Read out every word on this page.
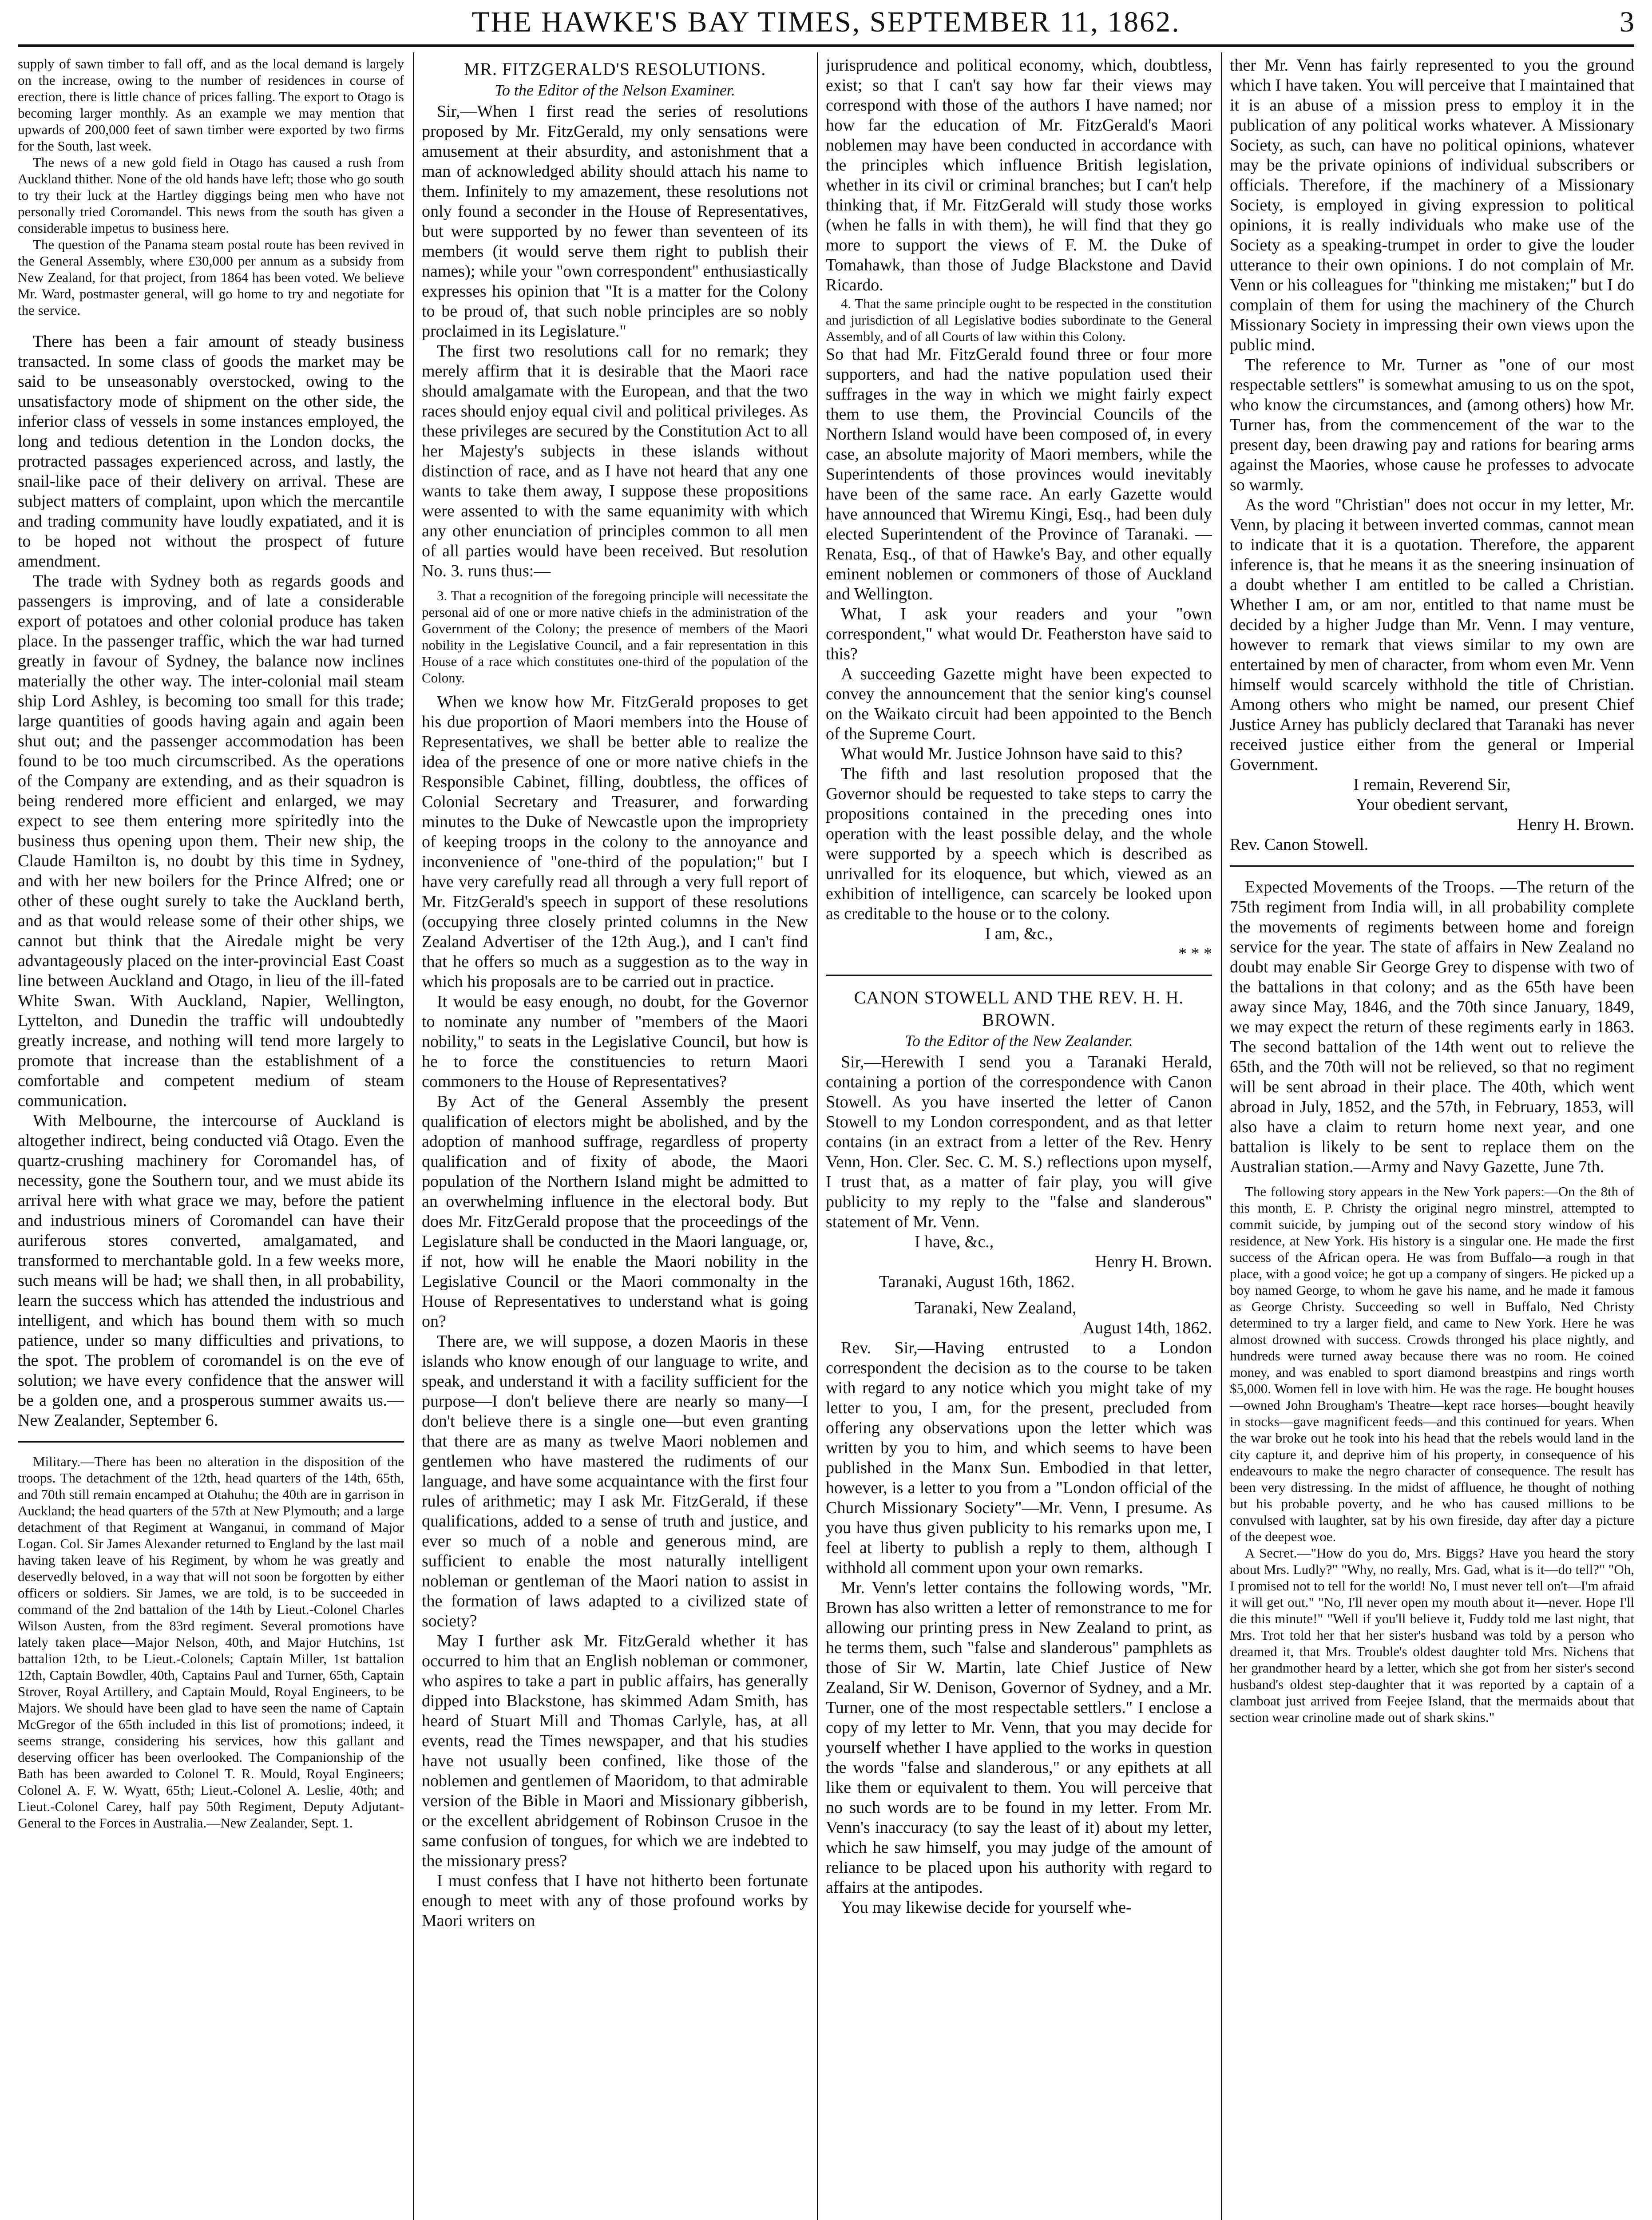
THE HAWKE'S BAY TIMES, SEPTEMBER 11, 1862.	3

supply of sawn timber to fall off, and as the local demand is largely on the increase, owing to the number of residences in course of erection, there is little chance of prices falling. The export to Otago is becoming larger monthly. As an example we may mention that upwards of 200,000 feet of sawn timber were exported by two firms for the South, last week.

The news of a new gold field in Otago has caused a rush from Auckland thither. None of the old hands have left; those who go south to try their luck at the Hartley diggings being men who have not personally tried Coromandel. This news from the south has given a considerable impetus to business here.

The question of the Panama steam postal route has been revived in the General Assembly, where £30,000 per annum as a subsidy from New Zealand, for that project, from 1864 has been voted. We believe Mr. Ward, postmaster general, will go home to try and negotiate for the service.

There has been a fair amount of steady business transacted. In some class of goods the market may be said to be unseasonably overstocked, owing to the unsatisfactory mode of shipment on the other side, the inferior class of vessels in some instances employed, the long and tedious detention in the London docks, the protracted passages experienced across, and lastly, the snail-like pace of their delivery on arrival. These are subject matters of complaint, upon which the mercantile and trading community have loudly expatiated, and it is to be hoped not without the prospect of future amendment.

The trade with Sydney both as regards goods and passengers is improving, and of late a considerable export of potatoes and other colonial produce has taken place. In the passenger traffic, which the war had turned greatly in favour of Sydney, the balance now inclines materially the other way. The inter-colonial mail steam ship Lord Ashley, is becoming too small for this trade; large quantities of goods having again and again been shut out; and the passenger accommodation has been found to be too much circumscribed. As the operations of the Company are extending, and as their squadron is being rendered more efficient and enlarged, we may expect to see them entering more spiritedly into the business thus opening upon them. Their new ship, the Claude Hamilton is, no doubt by this time in Sydney, and with her new boilers for the Prince Alfred; one or other of these ought surely to take the Auckland berth, and as that would release some of their other ships, we cannot but think that the Airedale might be very advantageously placed on the inter-provincial East Coast line between Auckland and Otago, in lieu of the ill-fated White Swan. With Auckland, Napier, Wellington, Lyttelton, and Dunedin the traffic will undoubtedly greatly increase, and nothing will tend more largely to promote that increase than the establishment of a comfortable and competent medium of steam communication.

With Melbourne, the intercourse of Auckland is altogether indirect, being conducted viâ Otago. Even the quartz-crushing machinery for Coromandel has, of necessity, gone the Southern tour, and we must abide its arrival here with what grace we may, before the patient and industrious miners of Coromandel can have their auriferous stores converted, amalgamated, and transformed to merchantable gold. In a few weeks more, such means will be had; we shall then, in all probability, learn the success which has attended the industrious and intelligent, and which has bound them with so much patience, under so many difficulties and privations, to the spot. The problem of coromandel is on the eve of solution; we have every confidence that the answer will be a golden one, and a prosperous summer awaits us.—New Zealander, September 6.

Military.—There has been no alteration in the disposition of the troops. The detachment of the 12th, head quarters of the 14th, 65th, and 70th still remain encamped at Otahuhu; the 40th are in garrison in Auckland; the head quarters of the 57th at New Plymouth; and a large detachment of that Regiment at Wanganui, in command of Major Logan. Col. Sir James Alexander returned to England by the last mail having taken leave of his Regiment, by whom he was greatly and deservedly beloved, in a way that will not soon be forgotten by either officers or soldiers. Sir James, we are told, is to be succeeded in command of the 2nd battalion of the 14th by Lieut.-Colonel Charles Wilson Austen, from the 83rd regiment. Several promotions have lately taken place—Major Nelson, 40th, and Major Hutchins, 1st battalion 12th, to be Lieut.-Colonels; Captain Miller, 1st battalion 12th, Captain Bowdler, 40th, Captains Paul and Turner, 65th, Captain Strover, Royal Artillery, and Captain Mould, Royal Engineers, to be Majors. We should have been glad to have seen the name of Captain McGregor of the 65th included in this list of promotions; indeed, it seems strange, considering his services, how this gallant and deserving officer has been overlooked. The Companionship of the Bath has been awarded to Colonel T. R. Mould, Royal Engineers; Colonel A. F. W. Wyatt, 65th; Lieut.-Colonel A. Leslie, 40th; and Lieut.-Colonel Carey, half pay 50th Regiment, Deputy Adjutant-General to the Forces in Australia.—New Zealander, Sept. 1.

MR. FITZGERALD'S RESOLUTIONS.
To the Editor of the Nelson Examiner.

Sir,—When I first read the series of resolutions proposed by Mr. FitzGerald, my only sensations were amusement at their absurdity, and astonishment that a man of acknowledged ability should attach his name to them. Infinitely to my amazement, these resolutions not only found a seconder in the House of Representatives, but were supported by no fewer than seventeen of its members (it would serve them right to publish their names); while your "own correspondent" enthusiastically expresses his opinion that "It is a matter for the Colony to be proud of, that such noble principles are so nobly proclaimed in its Legislature."

The first two resolutions call for no remark; they merely affirm that it is desirable that the Maori race should amalgamate with the European, and that the two races should enjoy equal civil and political privileges. As these privileges are secured by the Constitution Act to all her Majesty's subjects in these islands without distinction of race, and as I have not heard that any one wants to take them away, I suppose these propositions were assented to with the same equanimity with which any other enunciation of principles common to all men of all parties would have been received. But resolution No. 3. runs thus:—

3. That a recognition of the foregoing principle will necessitate the personal aid of one or more native chiefs in the administration of the Government of the Colony; the presence of members of the Maori nobility in the Legislative Council, and a fair representation in this House of a race which constitutes one-third of the population of the Colony.

When we know how Mr. FitzGerald proposes to get his due proportion of Maori members into the House of Representatives, we shall be better able to realize the idea of the presence of one or more native chiefs in the Responsible Cabinet, filling, doubtless, the offices of Colonial Secretary and Treasurer, and forwarding minutes to the Duke of Newcastle upon the impropriety of keeping troops in the colony to the annoyance and inconvenience of "one-third of the population;" but I have very carefully read all through a very full report of Mr. FitzGerald's speech in support of these resolutions (occupying three closely printed columns in the New Zealand Advertiser of the 12th Aug.), and I can't find that he offers so much as a suggestion as to the way in which his proposals are to be carried out in practice.

It would be easy enough, no doubt, for the Governor to nominate any number of "members of the Maori nobility," to seats in the Legislative Council, but how is he to force the constituencies to return Maori commoners to the House of Representatives?

By Act of the General Assembly the present qualification of electors might be abolished, and by the adoption of manhood suffrage, regardless of property qualification and of fixity of abode, the Maori population of the Northern Island might be admitted to an overwhelming influence in the electoral body. But does Mr. FitzGerald propose that the proceedings of the Legislature shall be conducted in the Maori language, or, if not, how will he enable the Maori nobility in the Legislative Council or the Maori commonalty in the House of Representatives to understand what is going on?

There are, we will suppose, a dozen Maoris in these islands who know enough of our language to write, and speak, and understand it with a facility sufficient for the purpose—I don't believe there are nearly so many—I don't believe there is a single one—but even granting that there are as many as twelve Maori noblemen and gentlemen who have mastered the rudiments of our language, and have some acquaintance with the first four rules of arithmetic; may I ask Mr. FitzGerald, if these qualifications, added to a sense of truth and justice, and ever so much of a noble and generous mind, are sufficient to enable the most naturally intelligent nobleman or gentleman of the Maori nation to assist in the formation of laws adapted to a civilized state of society?

May I further ask Mr. FitzGerald whether it has occurred to him that an English nobleman or commoner, who aspires to take a part in public affairs, has generally dipped into Blackstone, has skimmed Adam Smith, has heard of Stuart Mill and Thomas Carlyle, has, at all events, read the Times newspaper, and that his studies have not usually been confined, like those of the noblemen and gentlemen of Maoridom, to that admirable version of the Bible in Maori and Missionary gibberish, or the excellent abridgement of Robinson Crusoe in the same confusion of tongues, for which we are indebted to the missionary press?

I must confess that I have not hitherto been fortunate enough to meet with any of those profound works by Maori writers on

jurisprudence and political economy, which, doubtless, exist; so that I can't say how far their views may correspond with those of the authors I have named; nor how far the education of Mr. FitzGerald's Maori noblemen may have been conducted in accordance with the principles which influence British legislation, whether in its civil or criminal branches; but I can't help thinking that, if Mr. FitzGerald will study those works (when he falls in with them), he will find that they go more to support the views of F. M. the Duke of Tomahawk, than those of Judge Blackstone and David Ricardo.

4. That the same principle ought to be respected in the constitution and jurisdiction of all Legislative bodies subordinate to the General Assembly, and of all Courts of law within this Colony.

So that had Mr. FitzGerald found three or four more supporters, and had the native population used their suffrages in the way in which we might fairly expect them to use them, the Provincial Councils of the Northern Island would have been composed of, in every case, an absolute majority of Maori members, while the Superintendents of those provinces would inevitably have been of the same race. An early Gazette would have announced that Wiremu Kingi, Esq., had been duly elected Superintendent of the Province of Taranaki. —Renata, Esq., of that of Hawke's Bay, and other equally eminent noblemen or commoners of those of Auckland and Wellington.

What, I ask your readers and your "own correspondent," what would Dr. Featherston have said to this?

A succeeding Gazette might have been expected to convey the announcement that the senior king's counsel on the Waikato circuit had been appointed to the Bench of the Supreme Court.

What would Mr. Justice Johnson have said to this?

The fifth and last resolution proposed that the Governor should be requested to take steps to carry the propositions contained in the preceding ones into operation with the least possible delay, and the whole were supported by a speech which is described as unrivalled for its eloquence, but which, viewed as an exhibition of intelligence, can scarcely be looked upon as creditable to the house or to the colony.

I am, &c.,

* * *

CANON STOWELL AND THE REV. H. H. BROWN.
To the Editor of the New Zealander.

Sir,—Herewith I send you a Taranaki Herald, containing a portion of the correspondence with Canon Stowell. As you have inserted the letter of Canon Stowell to my London correspondent, and as that letter contains (in an extract from a letter of the Rev. Henry Venn, Hon. Cler. Sec. C. M. S.) reflections upon myself, I trust that, as a matter of fair play, you will give publicity to my reply to the "false and slanderous" statement of Mr. Venn.

I have, &c.,

Henry H. Brown.

Taranaki, August 16th, 1862.

Taranaki, New Zealand,

August 14th, 1862.

Rev. Sir,—Having entrusted to a London correspondent the decision as to the course to be taken with regard to any notice which you might take of my letter to you, I am, for the present, precluded from offering any observations upon the letter which was written by you to him, and which seems to have been published in the Manx Sun. Embodied in that letter, however, is a letter to you from a "London official of the Church Missionary Society"—Mr. Venn, I presume. As you have thus given publicity to his remarks upon me, I feel at liberty to publish a reply to them, although I withhold all comment upon your own remarks.

Mr. Venn's letter contains the following words, "Mr. Brown has also written a letter of remonstrance to me for allowing our printing press in New Zealand to print, as he terms them, such "false and slanderous" pamphlets as those of Sir W. Martin, late Chief Justice of New Zealand, Sir W. Denison, Governor of Sydney, and a Mr. Turner, one of the most respectable settlers." I enclose a copy of my letter to Mr. Venn, that you may decide for yourself whether I have applied to the works in question the words "false and slanderous," or any epithets at all like them or equivalent to them. You will perceive that no such words are to be found in my letter. From Mr. Venn's inaccuracy (to say the least of it) about my letter, which he saw himself, you may judge of the amount of reliance to be placed upon his authority with regard to affairs at the antipodes.

You may likewise decide for yourself whe-

ther Mr. Venn has fairly represented to you the ground which I have taken. You will perceive that I maintained that it is an abuse of a mission press to employ it in the publication of any political works whatever. A Missionary Society, as such, can have no political opinions, whatever may be the private opinions of individual subscribers or officials. Therefore, if the machinery of a Missionary Society, is employed in giving expression to political opinions, it is really individuals who make use of the Society as a speaking-trumpet in order to give the louder utterance to their own opinions. I do not complain of Mr. Venn or his colleagues for "thinking me mistaken;" but I do complain of them for using the machinery of the Church Missionary Society in impressing their own views upon the public mind.

The reference to Mr. Turner as "one of our most respectable settlers" is somewhat amusing to us on the spot, who know the circumstances, and (among others) how Mr. Turner has, from the commencement of the war to the present day, been drawing pay and rations for bearing arms against the Maories, whose cause he professes to advocate so warmly.

As the word "Christian" does not occur in my letter, Mr. Venn, by placing it between inverted commas, cannot mean to indicate that it is a quotation. Therefore, the apparent inference is, that he means it as the sneering insinuation of a doubt whether I am entitled to be called a Christian. Whether I am, or am nor, entitled to that name must be decided by a higher Judge than Mr. Venn. I may venture, however to remark that views similar to my own are entertained by men of character, from whom even Mr. Venn himself would scarcely withhold the title of Christian. Among others who might be named, our present Chief Justice Arney has publicly declared that Taranaki has never received justice either from the general or Imperial Government.

I remain, Reverend Sir,

Your obedient servant,

Henry H. Brown.

Rev. Canon Stowell.

Expected Movements of the Troops. —The return of the 75th regiment from India will, in all probability complete the movements of regiments between home and foreign service for the year. The state of affairs in New Zealand no doubt may enable Sir George Grey to dispense with two of the battalions in that colony; and as the 65th have been away since May, 1846, and the 70th since January, 1849, we may expect the return of these regiments early in 1863. The second battalion of the 14th went out to relieve the 65th, and the 70th will not be relieved, so that no regiment will be sent abroad in their place. The 40th, which went abroad in July, 1852, and the 57th, in February, 1853, will also have a claim to return home next year, and one battalion is likely to be sent to replace them on the Australian station.—Army and Navy Gazette, June 7th.

The following story appears in the New York papers:—On the 8th of this month, E. P. Christy the original negro minstrel, attempted to commit suicide, by jumping out of the second story window of his residence, at New York. His history is a singular one. He made the first success of the African opera. He was from Buffalo—a rough in that place, with a good voice; he got up a company of singers. He picked up a boy named George, to whom he gave his name, and he made it famous as George Christy. Succeeding so well in Buffalo, Ned Christy determined to try a larger field, and came to New York. Here he was almost drowned with success. Crowds thronged his place nightly, and hundreds were turned away because there was no room. He coined money, and was enabled to sport diamond breastpins and rings worth $5,000. Women fell in love with him. He was the rage. He bought houses—owned John Brougham's Theatre—kept race horses—bought heavily in stocks—gave magnificent feeds—and this continued for years. When the war broke out he took into his head that the rebels would land in the city capture it, and deprive him of his property, in consequence of his endeavours to make the negro character of consequence. The result has been very distressing. In the midst of affluence, he thought of nothing but his probable poverty, and he who has caused millions to be convulsed with laughter, sat by his own fireside, day after day a picture of the deepest woe.

A Secret.—"How do you do, Mrs. Biggs? Have you heard the story about Mrs. Ludly?" "Why, no really, Mrs. Gad, what is it—do tell?" "Oh, I promised not to tell for the world! No, I must never tell on't—I'm afraid it will get out." "No, I'll never open my mouth about it—never. Hope I'll die this minute!" "Well if you'll believe it, Fuddy told me last night, that Mrs. Trot told her that her sister's husband was told by a person who dreamed it, that Mrs. Trouble's oldest daughter told Mrs. Nichens that her grandmother heard by a letter, which she got from her sister's second husband's oldest step-daughter that it was reported by a captain of a clamboat just arrived from Feejee Island, that the mermaids about that section wear crinoline made out of shark skins."
